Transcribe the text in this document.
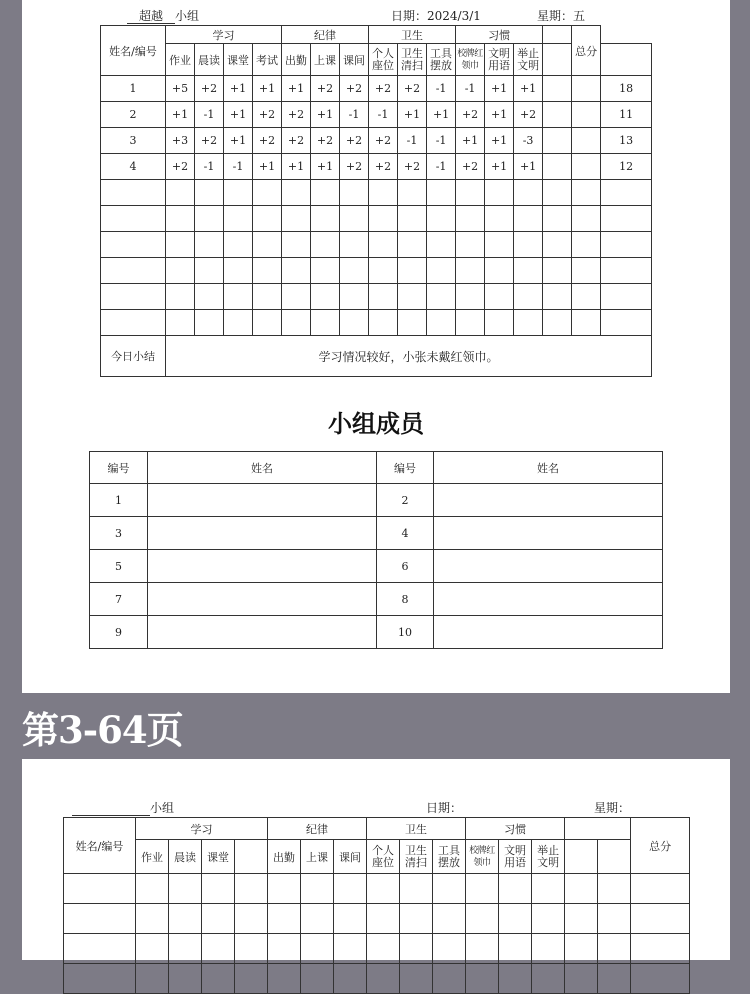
超越 小组	日期：2024/3/1	星期：五
姓名/编号	学习				纪律			卫生			习惯				总分	
	作业	晨读	课堂	考试	出勤	上课	课间	个人座位	卫生清扫	工具摆放	校牌红领巾	文明用语	举止文明			
1	+5	+2	+1	+1	+1	+2	+2	+2	+2	-1	-1	+1	+1			18
2	+1	-1	+1	+2	+2	+1	-1	-1	+1	+1	+2	+1	+2			11
3	+3	+2	+1	+2	+2	+2	+2	+2	-1	-1	+1	+1	-3			13
4	+2	-1	-1	+1	+1	+1	+2	+2	+2	-1	+2	+1	+1			12

今日小结	学习情况较好，小张未戴红领巾。															
小组成员
编号	姓名	编号	姓名
1		2	
3		4	
5		6	
7		8	
9		10	
第3-64页
小组	日期：	星期：
姓名/编号	学习				纪律			卫生			习惯					总分
	作业	晨读	课堂		出勤	上课	课间	个人座位	卫生清扫	工具摆放	校牌红领巾	文明用语	举止文明			
